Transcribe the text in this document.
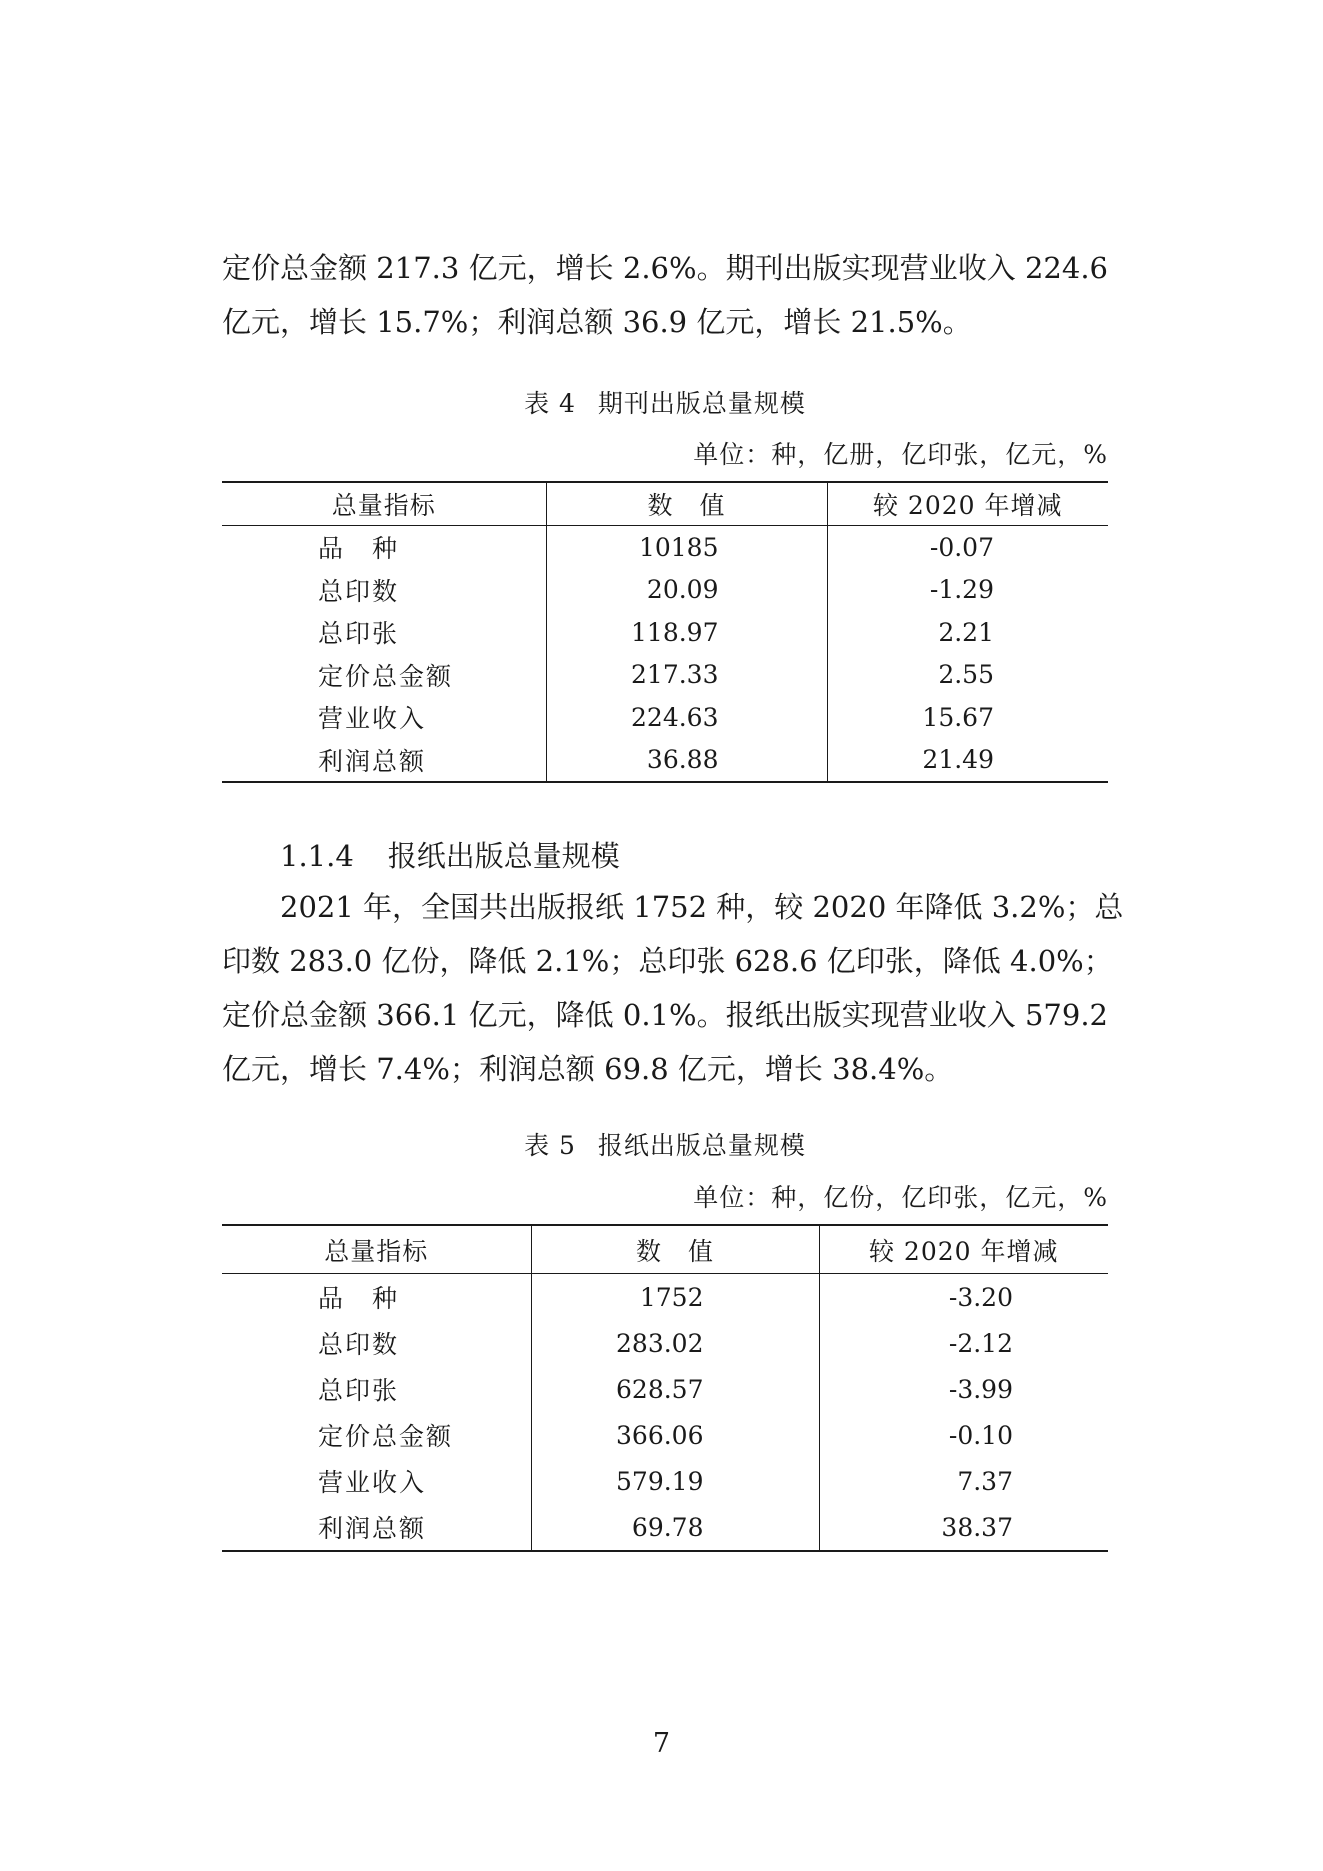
定价总金额 217.3 亿元，增长 2.6%。期刊出版实现营业收入 224.6
亿元，增长 15.7%；利润总额 36.9 亿元，增长 21.5%。

表 4 期刊出版总量规模

单位：种，亿册，亿印张，亿元，%

总量指标	数　值	较 2020 年增减
品　种	10185	-0.07
总印数	20.09	-1.29
总印张	118.97	2.21
定价总金额	217.33	2.55
营业收入	224.63	15.67
利润总额	36.88	21.49

1.1.4 报纸出版总量规模

2021 年，全国共出版报纸 1752 种，较 2020 年降低 3.2%；总
印数 283.0 亿份，降低 2.1%；总印张 628.6 亿印张，降低 4.0%；
定价总金额 366.1 亿元，降低 0.1%。报纸出版实现营业收入 579.2
亿元，增长 7.4%；利润总额 69.8 亿元，增长 38.4%。

表 5 报纸出版总量规模

单位：种，亿份，亿印张，亿元，%

总量指标	数　值	较 2020 年增减
品　种	1752	-3.20
总印数	283.02	-2.12
总印张	628.57	-3.99
定价总金额	366.06	-0.10
营业收入	579.19	7.37
利润总额	69.78	38.37

7
